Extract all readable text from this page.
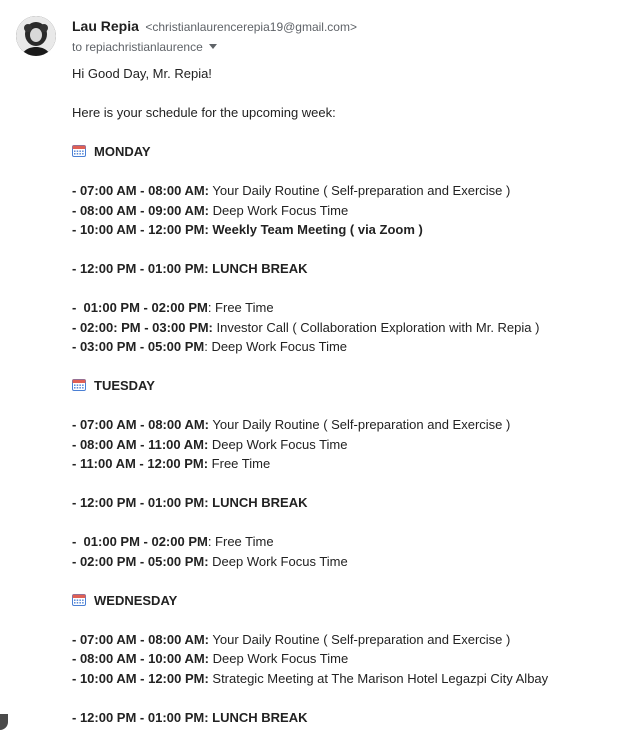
Lau Repia <christianlaurencerepia19@gmail.com>
to repiachristianlaurence
Hi Good Day, Mr. Repia!
Here is your schedule for the upcoming week:
MONDAY
- 07:00 AM - 08:00 AM: Your Daily Routine ( Self-preparation and Exercise )
- 08:00 AM - 09:00 AM: Deep Work Focus Time
- 10:00 AM - 12:00 PM: Weekly Team Meeting ( via Zoom )
- 12:00 PM - 01:00 PM: LUNCH BREAK
-  01:00 PM - 02:00 PM: Free Time
- 02:00: PM - 03:00 PM: Investor Call ( Collaboration Exploration with Mr. Repia )
- 03:00 PM - 05:00 PM: Deep Work Focus Time
TUESDAY
- 07:00 AM - 08:00 AM: Your Daily Routine ( Self-preparation and Exercise )
- 08:00 AM - 11:00 AM: Deep Work Focus Time
- 11:00 AM - 12:00 PM: Free Time
- 12:00 PM - 01:00 PM: LUNCH BREAK
-  01:00 PM - 02:00 PM: Free Time
- 02:00 PM - 05:00 PM: Deep Work Focus Time
WEDNESDAY
- 07:00 AM - 08:00 AM: Your Daily Routine ( Self-preparation and Exercise )
- 08:00 AM - 10:00 AM: Deep Work Focus Time
- 10:00 AM - 12:00 PM: Strategic Meeting at The Marison Hotel Legazpi City Albay
- 12:00 PM - 01:00 PM: LUNCH BREAK
